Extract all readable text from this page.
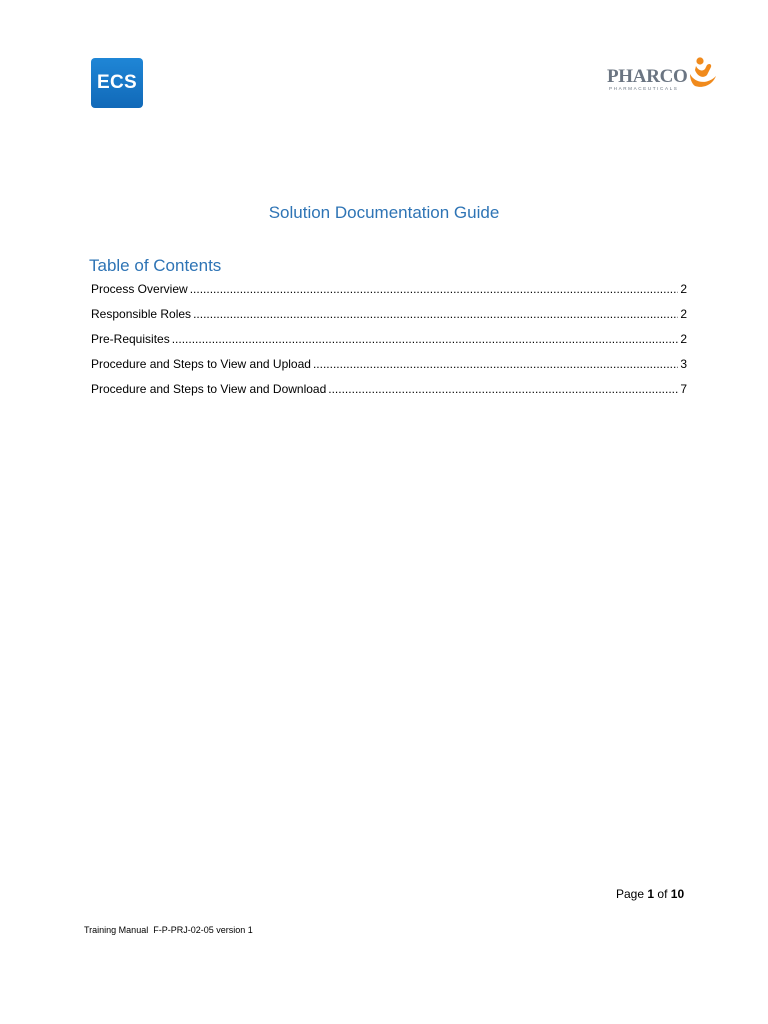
ECS	PHARCO
PHARMACEUTICALS
Solution Documentation Guide
Table of Contents
Process Overview .....	2
Responsible Roles .....	2
Pre-Requisites .....	2
Procedure and Steps to View and Upload .....	3
Procedure and Steps to View and Download .....	7
Page 1 of 10
Training Manual  F-P-PRJ-02-05 version 1
